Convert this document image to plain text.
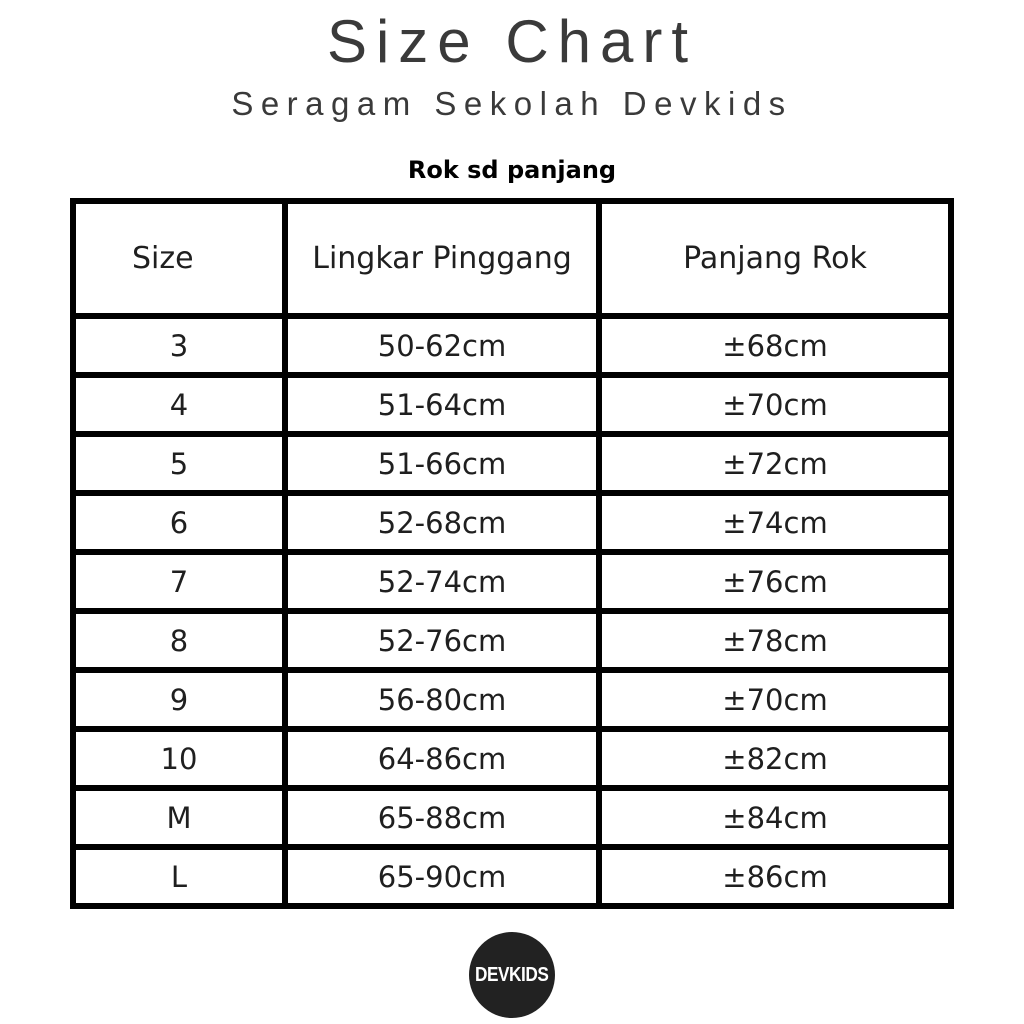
Size Chart
Seragam Sekolah Devkids
Rok sd panjang
Size	Lingkar Pinggang	Panjang Rok
3	50-62cm	±68cm
4	51-64cm	±70cm
5	51-66cm	±72cm
6	52-68cm	±74cm
7	52-74cm	±76cm
8	52-76cm	±78cm
9	56-80cm	±70cm
10	64-86cm	±82cm
M	65-88cm	±84cm
L	65-90cm	±86cm
DEVKIDS
